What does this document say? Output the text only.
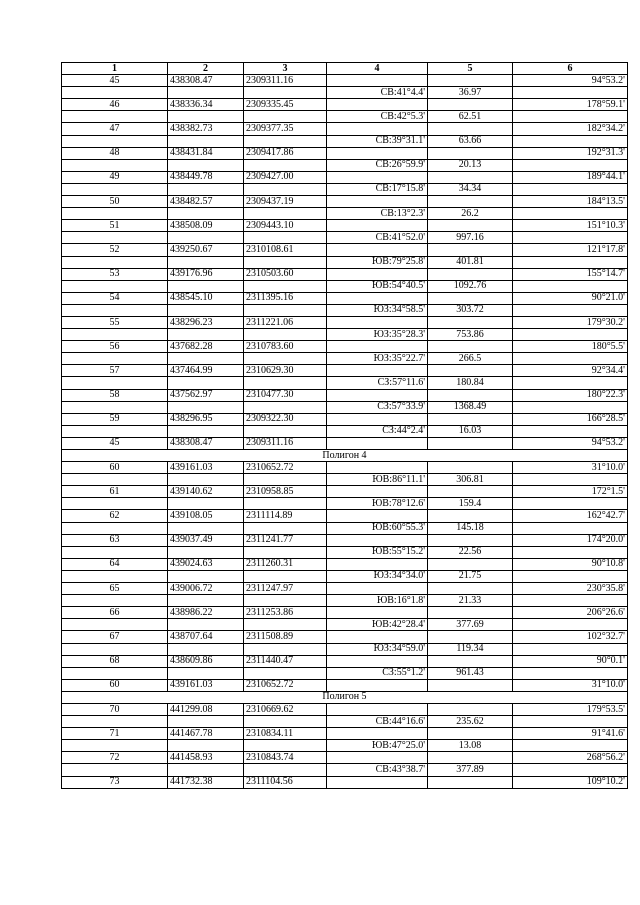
1	2	3	4	5	6
45	438308.47	2309311.16			94°53.2'
			СВ:41°4.4'	36.97	
46	438336.34	2309335.45			178°59.1'
			СВ:42°5.3'	62.51	
47	438382.73	2309377.35			182°34.2'
			СВ:39°31.1'	63.66	
48	438431.84	2309417.86			192°31.3'
			СВ:26°59.9'	20.13	
49	438449.78	2309427.00			189°44.1'
			СВ:17°15.8'	34.34	
50	438482.57	2309437.19			184°13.5'
			СВ:13°2.3'	26.2	
51	438508.09	2309443.10			151°10.3'
			СВ:41°52.0'	997.16	
52	439250.67	2310108.61			121°17.8'
			ЮВ:79°25.8'	401.81	
53	439176.96	2310503.60			155°14.7'
			ЮВ:54°40.5'	1092.76	
54	438545.10	2311395.16			90°21.0'
			ЮЗ:34°58.5'	303.72	
55	438296.23	2311221.06			179°30.2'
			ЮЗ:35°28.3'	753.86	
56	437682.28	2310783.60			180°5.5'
			ЮЗ:35°22.7'	266.5	
57	437464.99	2310629.30			92°34.4'
			СЗ:57°11.6'	180.84	
58	437562.97	2310477.30			180°22.3'
			СЗ:57°33.9'	1368.49	
59	438296.95	2309322.30			166°28.5'
			СЗ:44°2.4'	16.03	
45	438308.47	2309311.16			94°53.2'
Полигон 4					
60	439161.03	2310652.72			31°10.0'
			ЮВ:86°11.1'	306.81	
61	439140.62	2310958.85			172°1.5'
			ЮВ:78°12.6'	159.4	
62	439108.05	2311114.89			162°42.7'
			ЮВ:60°55.3'	145.18	
63	439037.49	2311241.77			174°20.0'
			ЮВ:55°15.2'	22.56	
64	439024.63	2311260.31			90°10.8'
			ЮЗ:34°34.0'	21.75	
65	439006.72	2311247.97			230°35.8'
			ЮВ:16°1.8'	21.33	
66	438986.22	2311253.86			206°26.6'
			ЮВ:42°28.4'	377.69	
67	438707.64	2311508.89			102°32.7'
			ЮЗ:34°59.0'	119.34	
68	438609.86	2311440.47			90°0.1'
			СЗ:55°1.2'	961.43	
60	439161.03	2310652.72			31°10.0'
Полигон 5					
70	441299.08	2310669.62			179°53.5'
			СВ:44°16.6'	235.62	
71	441467.78	2310834.11			91°41.6'
			ЮВ:47°25.0'	13.08	
72	441458.93	2310843.74			268°56.2'
			СВ:43°38.7'	377.89	
73	441732.38	2311104.56			109°10.2'
